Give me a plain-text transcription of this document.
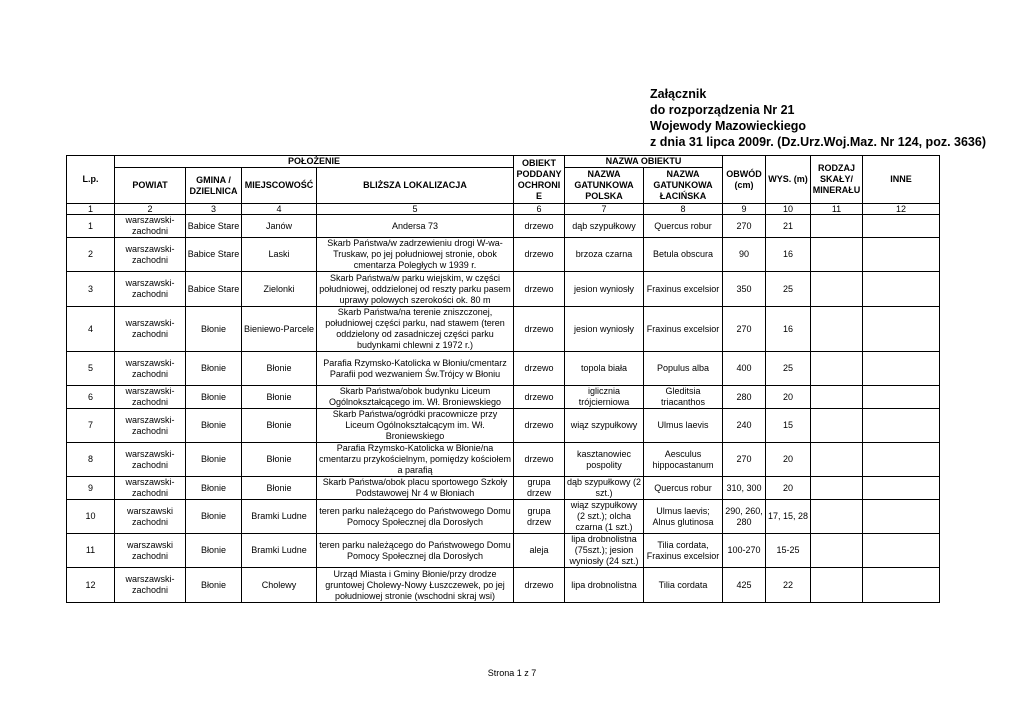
Załącznik
do rozporządzenia Nr 21
Wojewody Mazowieckiego
z dnia 31 lipca 2009r. (Dz.Urz.Woj.Maz. Nr 124, poz. 3636)
L.p.	POŁOŻENIE				OBIEKT PODDANY OCHRONI E	NAZWA OBIEKTU		OBWÓD (cm)	WYS. (m)	RODZAJ SKAŁY/ MINERAŁU	INNE
	POWIAT	GMINA / DZIELNICA	MIEJSCOWOŚĆ	BLIŻSZA LOKALIZACJA		NAZWA GATUNKOWA POLSKA	NAZWA GATUNKOWA ŁACIŃSKA				
1	2	3	4	5	6	7	8	9	10	11	12
1	warszawski-zachodni	Babice Stare	Janów	Andersa 73	drzewo	dąb szypułkowy	Quercus robur	270	21		
2	warszawski-zachodni	Babice Stare	Laski	Skarb Państwa/w zadrzewieniu drogi W-wa-Truskaw, po jej południowej stronie, obok cmentarza Poległych w 1939 r.	drzewo	brzoza czarna	Betula obscura	90	16		
3	warszawski-zachodni	Babice Stare	Zielonki	Skarb Państwa/w parku wiejskim, w części południowej, oddzielonej od reszty parku pasem uprawy polowych szerokości ok. 80 m	drzewo	jesion wyniosły	Fraxinus excelsior	350	25		
4	warszawski-zachodni	Błonie	Bieniewo-Parcele	Skarb Państwa/na terenie zniszczonej, południowej części parku, nad stawem (teren oddzielony od zasadniczej części parku budynkami chlewni z 1972 r.)	drzewo	jesion wyniosły	Fraxinus excelsior	270	16		
5	warszawski-zachodni	Błonie	Błonie	Parafia Rzymsko-Katolicka w Błoniu/cmentarz Parafii pod wezwaniem Św.Trójcy w Błoniu	drzewo	topola biała	Populus alba	400	25		
6	warszawski-zachodni	Błonie	Błonie	Skarb Państwa/obok budynku Liceum Ogólnokształcącego im. Wł. Broniewskiego	drzewo	iglicznia trójcierniowa	Gleditsia triacanthos	280	20		
7	warszawski-zachodni	Błonie	Błonie	Skarb Państwa/ogródki pracownicze przy Liceum Ogólnokształcącym im. Wł. Broniewskiego	drzewo	wiąz szypułkowy	Ulmus laevis	240	15		
8	warszawski-zachodni	Błonie	Błonie	Parafia Rzymsko-Katolicka w Błonie/na cmentarzu przykościelnym, pomiędzy kościołem a parafią	drzewo	kasztanowiec pospolity	Aesculus hippocastanum	270	20		
9	warszawski-zachodni	Błonie	Błonie	Skarb Państwa/obok placu sportowego Szkoły Podstawowej Nr 4 w Błoniach	grupa drzew	dąb szypułkowy (2 szt.)	Quercus robur	310, 300	20		
10	warszawski zachodni	Błonie	Bramki Ludne	teren parku należącego do Państwowego Domu Pomocy Społecznej dla Dorosłych	grupa drzew	wiąz szypułkowy (2 szt.); olcha czarna (1 szt.)	Ulmus laevis; Alnus glutinosa	290, 260, 280	17, 15, 28		
11	warszawski zachodni	Błonie	Bramki Ludne	teren parku należącego do Państwowego Domu Pomocy Społecznej dla Dorosłych	aleja	lipa drobnolistna (75szt.); jesion wyniosły (24 szt.)	Tilia cordata, Fraxinus excelsior	100-270	15-25		
12	warszawski-zachodni	Błonie	Cholewy	Urząd Miasta i Gminy Błonie/przy drodze gruntowej Cholewy-Nowy Łuszczewek, po jej południowej stronie (wschodni skraj wsi)	drzewo	lipa drobnolistna	Tilia cordata	425	22		
Strona 1 z 7
